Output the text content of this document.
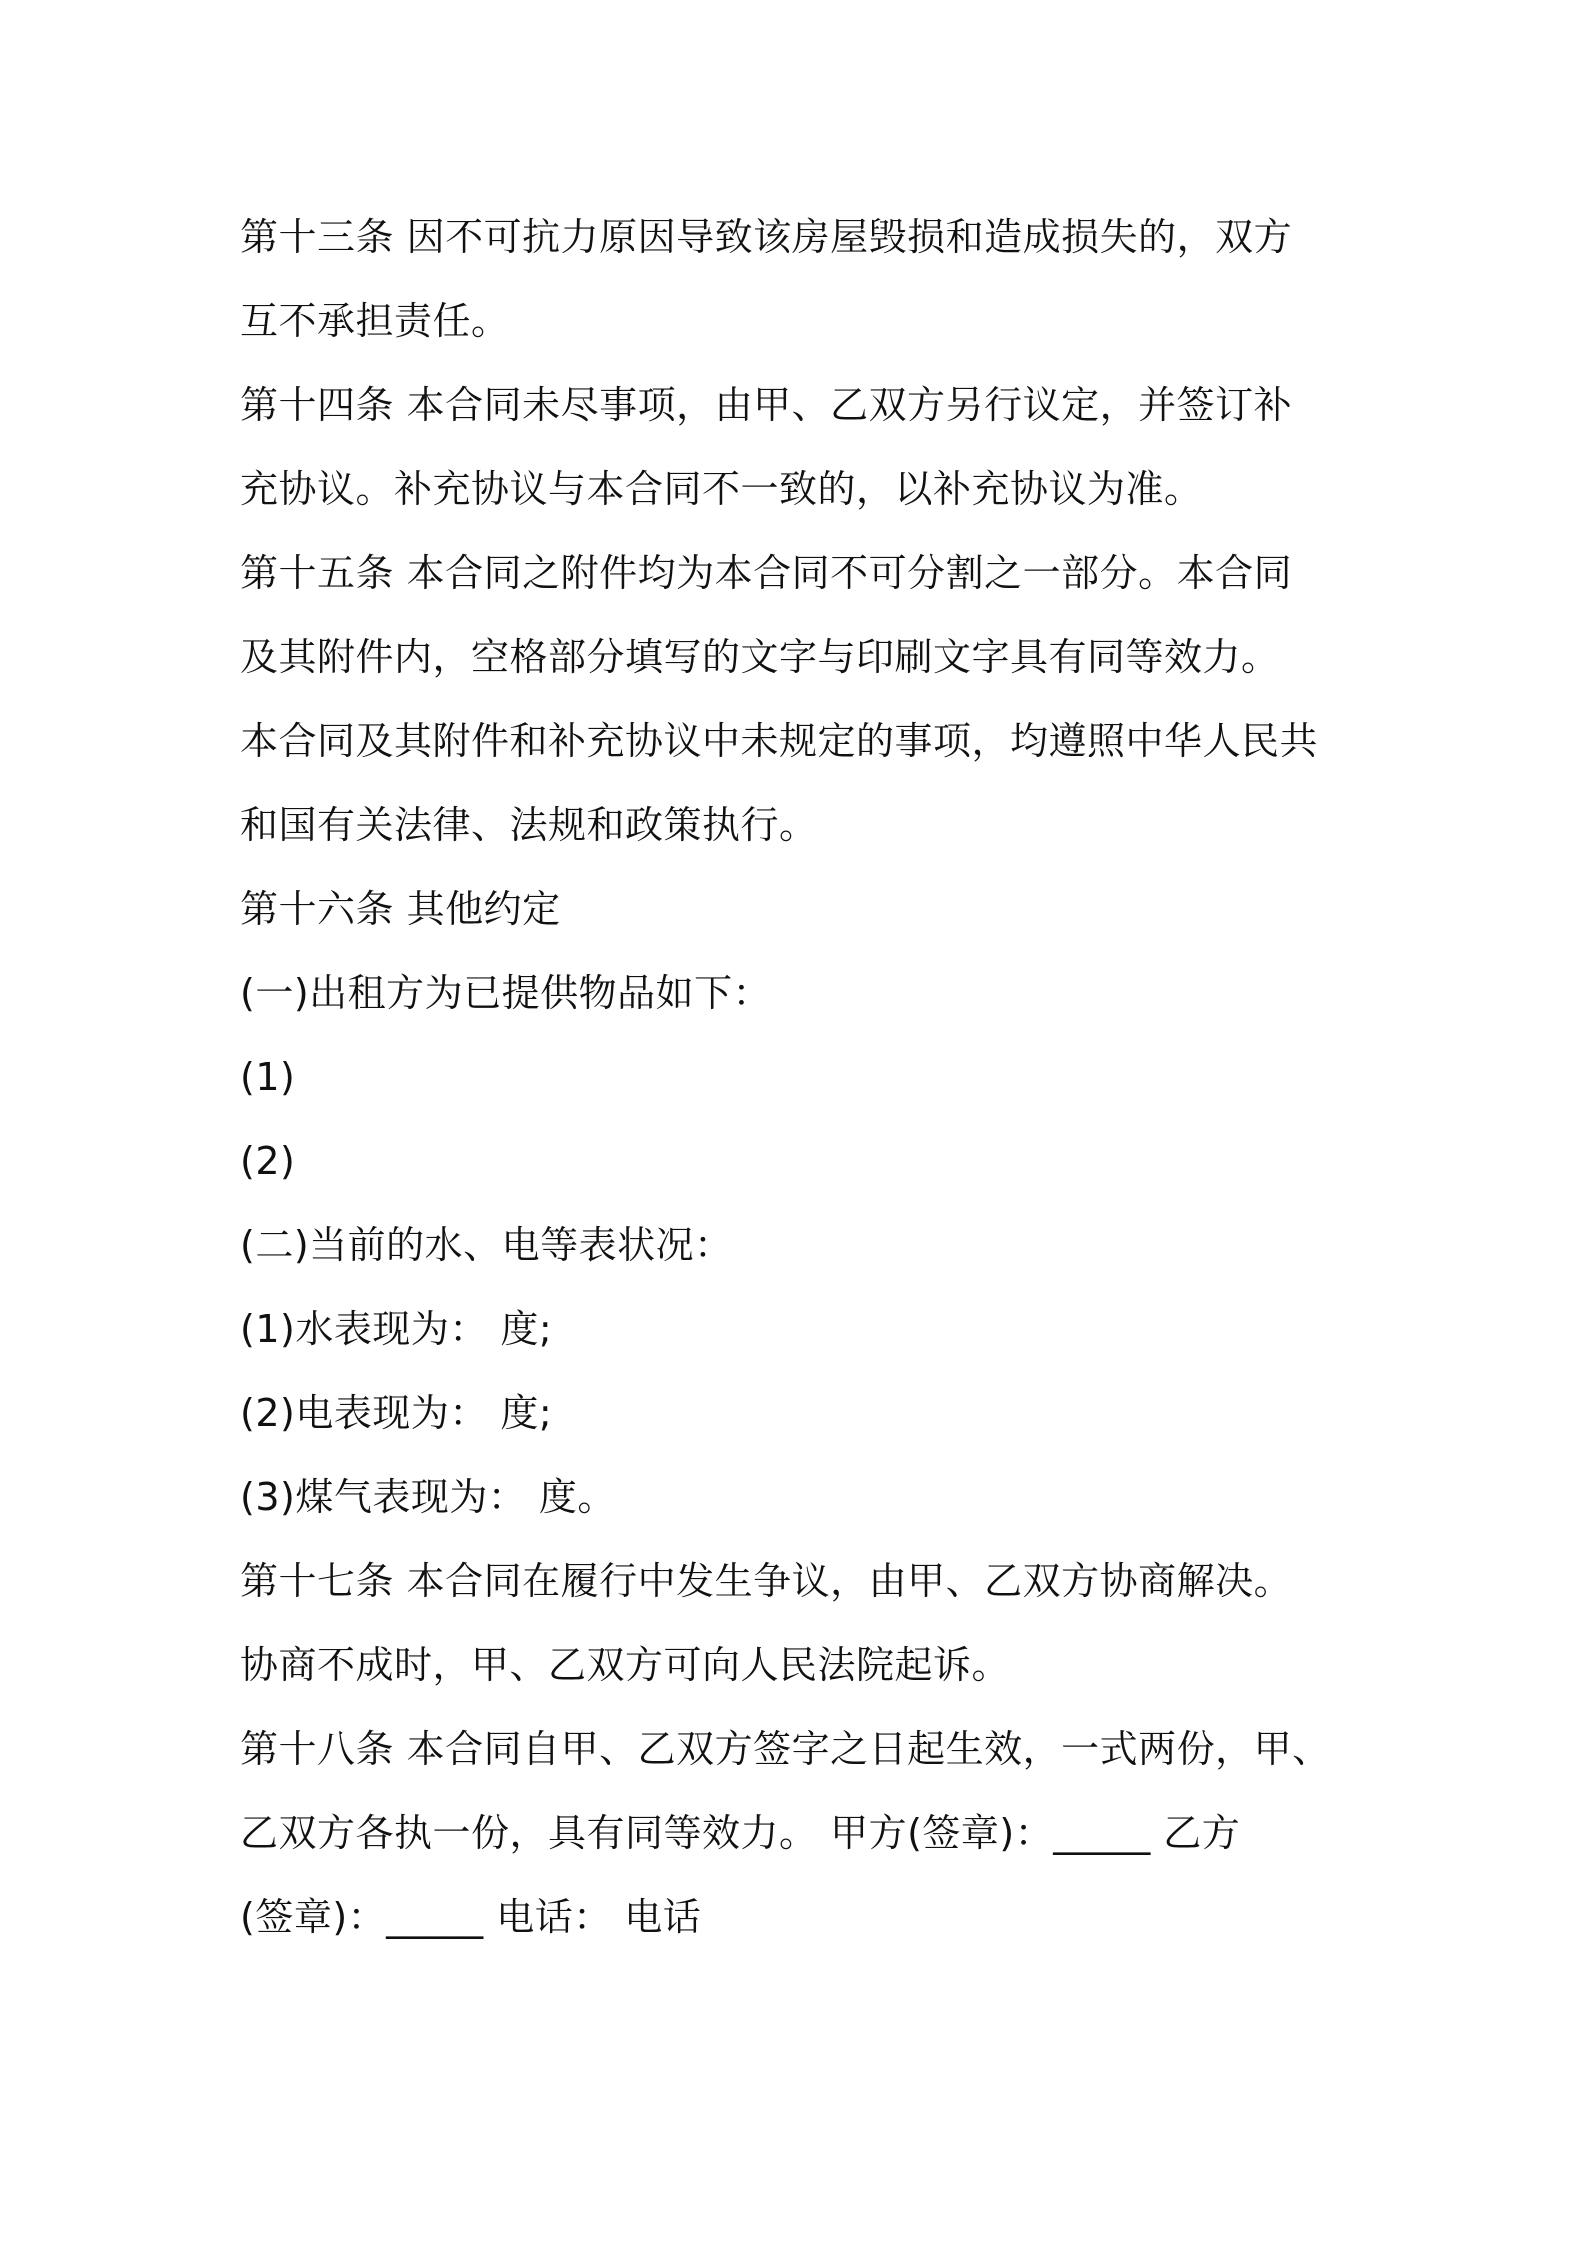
第十三条 因不可抗力原因导致该房屋毁损和造成损失的，双方
互不承担责任。
第十四条 本合同未尽事项，由甲、乙双方另行议定，并签订补
充协议。补充协议与本合同不一致的，以补充协议为准。
第十五条 本合同之附件均为本合同不可分割之一部分。本合同
及其附件内，空格部分填写的文字与印刷文字具有同等效力。
本合同及其附件和补充协议中未规定的事项，均遵照中华人民共
和国有关法律、法规和政策执行。
第十六条 其他约定
(一)出租方为已提供物品如下：
(1)
(2)
(二)当前的水、电等表状况：
(1)水表现为： 度;
(2)电表现为： 度;
(3)煤气表现为： 度。
第十七条 本合同在履行中发生争议，由甲、乙双方协商解决。
协商不成时，甲、乙双方可向人民法院起诉。
第十八条 本合同自甲、乙双方签字之日起生效，一式两份，甲、
乙双方各执一份，具有同等效力。 甲方(签章)：_____ 乙方
(签章)：_____ 电话： 电话
